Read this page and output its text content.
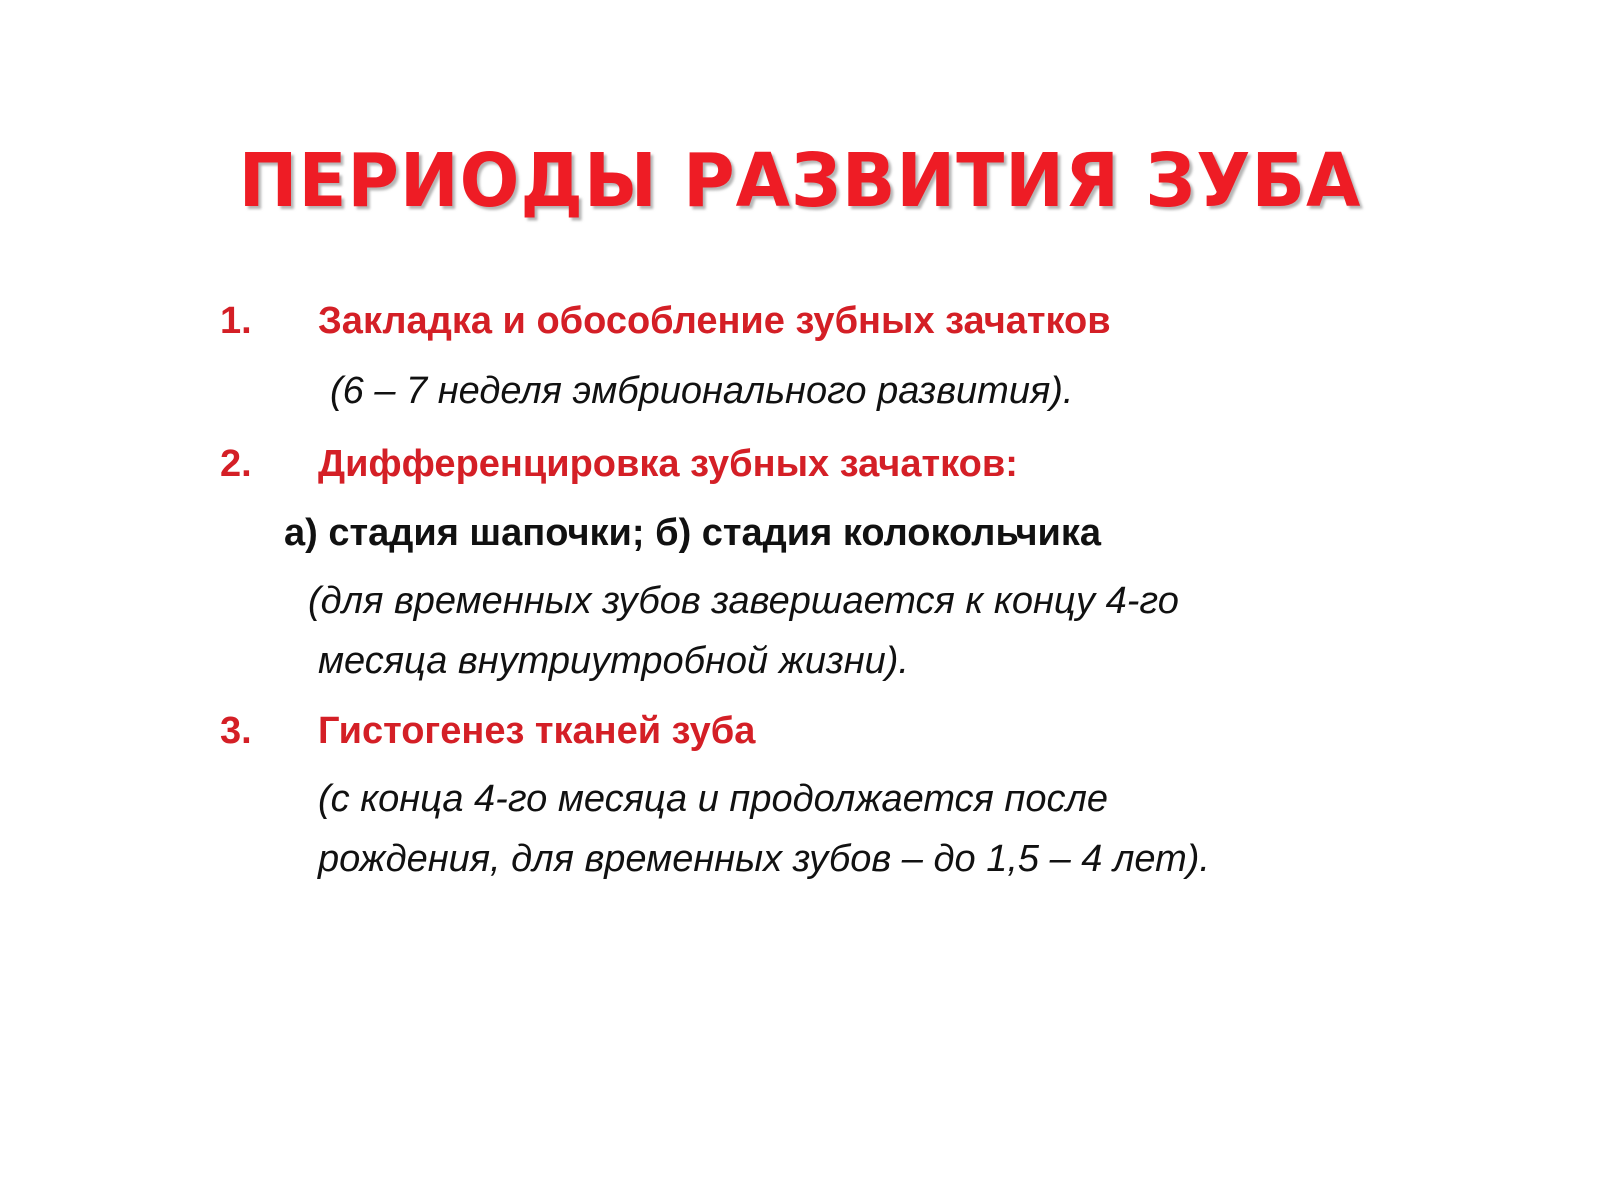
ПЕРИОДЫ РАЗВИТИЯ ЗУБА
1. Закладка и обособление зубных зачатков
(6 – 7 неделя эмбрионального развития).
2. Дифференцировка зубных зачатков:
а) стадия шапочки; б) стадия колокольчика
(для временных зубов завершается к концу 4-го
месяца внутриутробной жизни).
3. Гистогенез тканей зуба
(с конца 4-го месяца и продолжается после
рождения, для временных зубов – до 1,5 – 4 лет).
